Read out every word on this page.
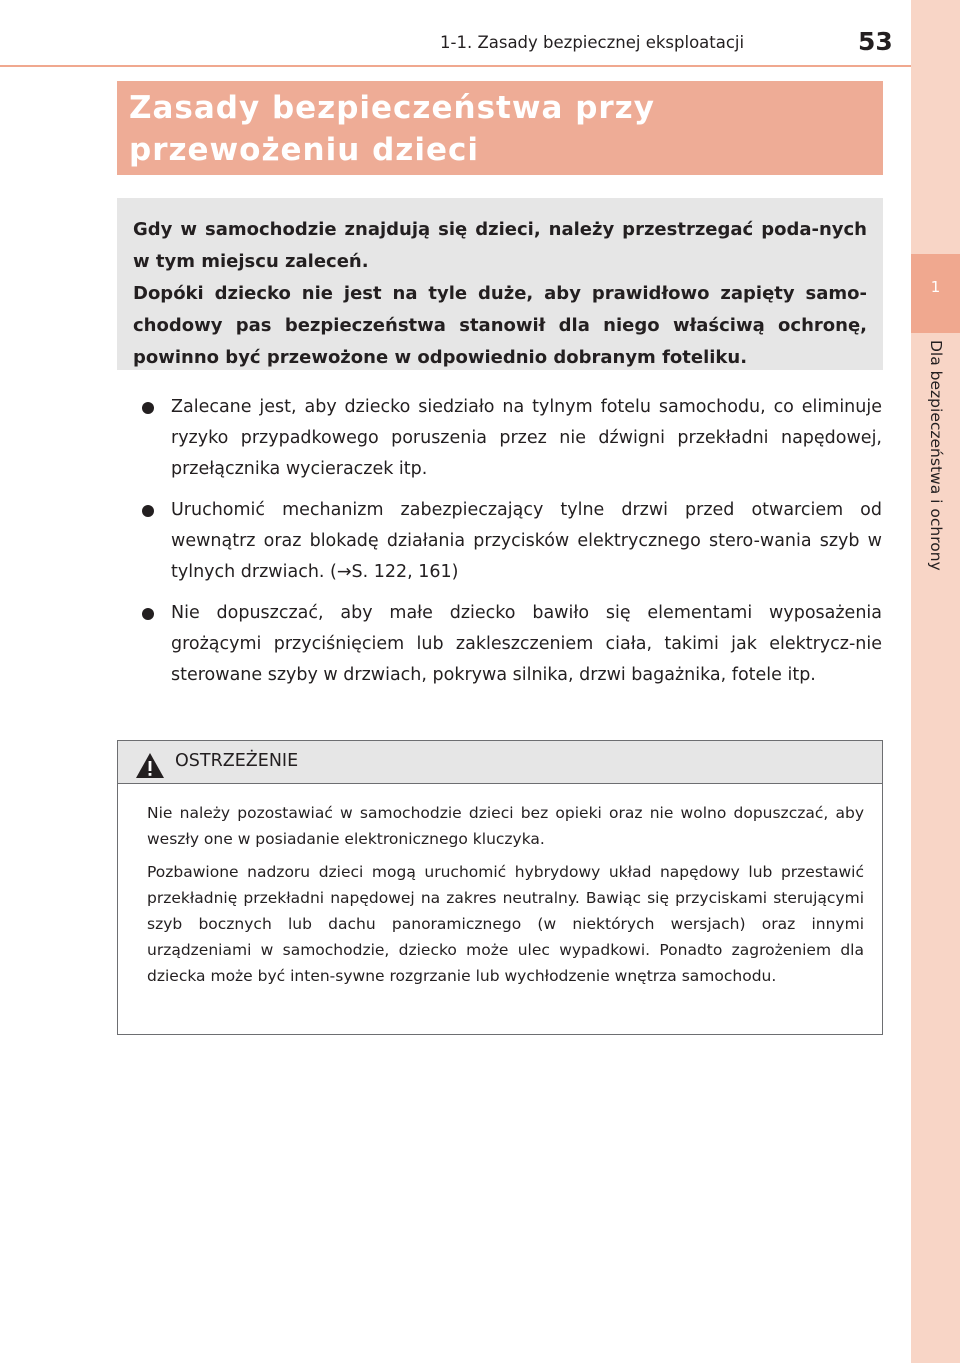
1
Dla bezpieczeństwa i ochrony
1-1. Zasady bezpiecznej eksploatacji	53
Zasady bezpieczeństwa przy przewożeniu dzieci

Gdy w samochodzie znajdują się dzieci, należy przestrzegać poda-nych w tym miejscu zaleceń.

Dopóki dziecko nie jest na tyle duże, aby prawidłowo zapięty samo-chodowy pas bezpieczeństwa stanowił dla niego właściwą ochronę, powinno być przewożone w odpowiednio dobranym foteliku.

Zalecane jest, aby dziecko siedziało na tylnym fotelu samochodu, co eliminuje ryzyko przypadkowego poruszenia przez nie dźwigni przekładni napędowej, przełącznika wycieraczek itp.

Uruchomić mechanizm zabezpieczający tylne drzwi przed otwarciem od wewnątrz oraz blokadę działania przycisków elektrycznego stero-wania szyb w tylnych drzwiach. (→S. 122, 161)

Nie dopuszczać, aby małe dziecko bawiło się elementami wyposażenia grożącymi przyciśnięciem lub zakleszczeniem ciała, takimi jak elektrycz-nie sterowane szyby w drzwiach, pokrywa silnika, drzwi bagażnika, fotele itp.

OSTRZEŻENIE

Nie należy pozostawiać w samochodzie dzieci bez opieki oraz nie wolno dopuszczać, aby weszły one w posiadanie elektronicznego kluczyka.

Pozbawione nadzoru dzieci mogą uruchomić hybrydowy układ napędowy lub przestawić przekładnię przekładni napędowej na zakres neutralny. Bawiąc się przyciskami sterującymi szyb bocznych lub dachu panoramicznego (w niektórych wersjach) oraz innymi urządzeniami w samochodzie, dziecko może ulec wypadkowi. Ponadto zagrożeniem dla dziecka może być inten-sywne rozgrzanie lub wychłodzenie wnętrza samochodu.
